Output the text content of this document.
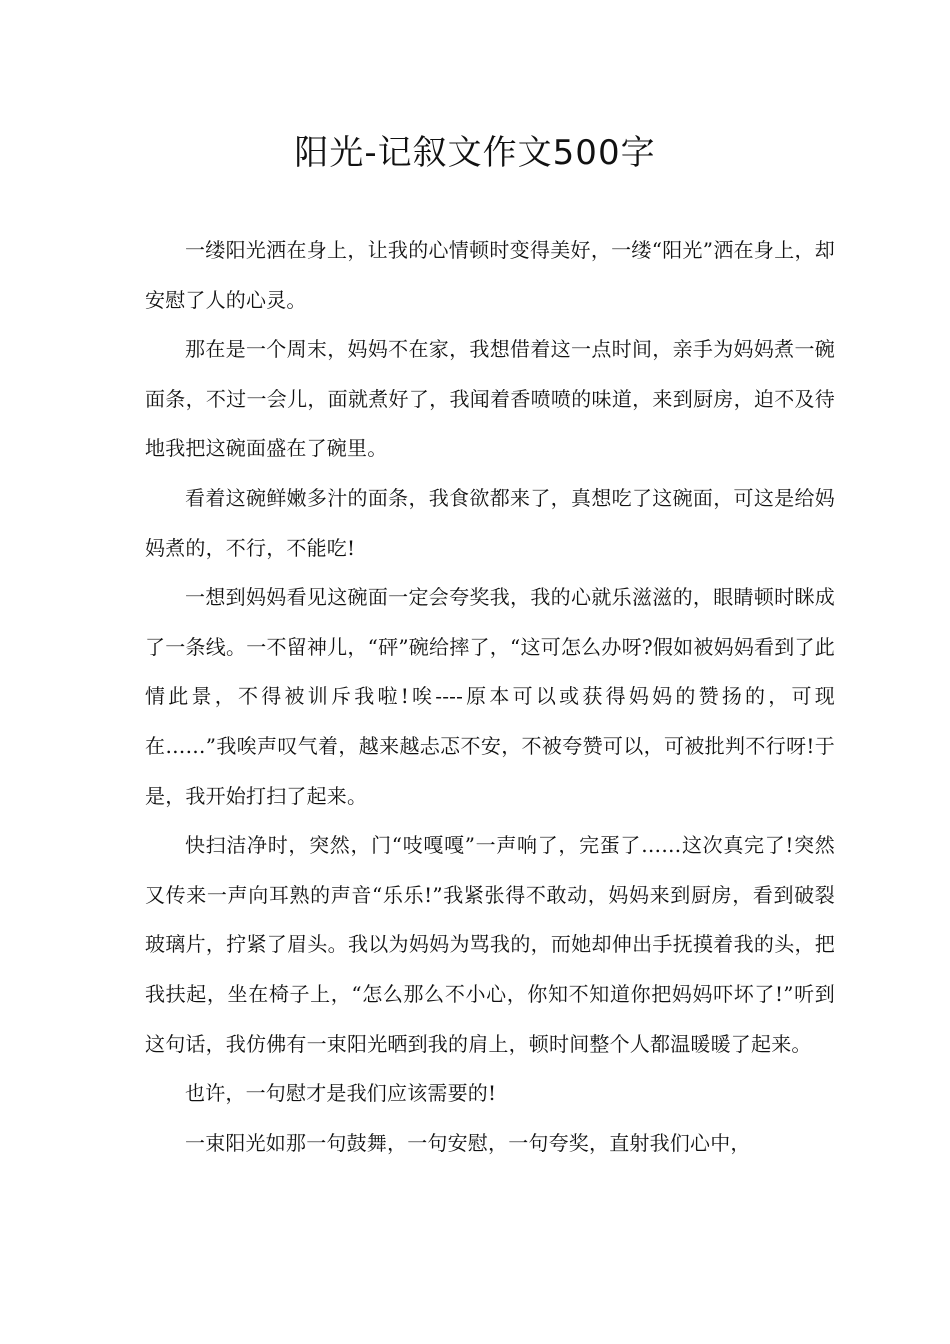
阳光-记叙文作文500字

一缕阳光洒在身上，让我的心情顿时变得美好，一缕“阳光”洒在身上，却安慰了人的心灵。

那在是一个周末，妈妈不在家，我想借着这一点时间，亲手为妈妈煮一碗面条，不过一会儿，面就煮好了，我闻着香喷喷的味道，来到厨房，迫不及待地我把这碗面盛在了碗里。

看着这碗鲜嫩多汁的面条，我食欲都来了，真想吃了这碗面，可这是给妈妈煮的，不行，不能吃!

一想到妈妈看见这碗面一定会夸奖我，我的心就乐滋滋的，眼睛顿时眯成了一条线。一不留神儿，“砰”碗给摔了，“这可怎么办呀?假如被妈妈看到了此情此景，不得被训斥我啦!唉----原本可以或获得妈妈的赞扬的，可现在……”我唉声叹气着，越来越忐忑不安，不被夸赞可以，可被批判不行呀!于是，我开始打扫了起来。

快扫洁净时，突然，门“吱嘎嘎”一声响了，完蛋了……这次真完了!突然又传来一声向耳熟的声音“乐乐!”我紧张得不敢动，妈妈来到厨房，看到破裂玻璃片，拧紧了眉头。我以为妈妈为骂我的，而她却伸出手抚摸着我的头，把我扶起，坐在椅子上，“怎么那么不小心，你知不知道你把妈妈吓坏了!”听到这句话，我仿佛有一束阳光晒到我的肩上，顿时间整个人都温暖暖了起来。

也许，一句慰才是我们应该需要的!

一束阳光如那一句鼓舞，一句安慰，一句夸奖，直射我们心中，
